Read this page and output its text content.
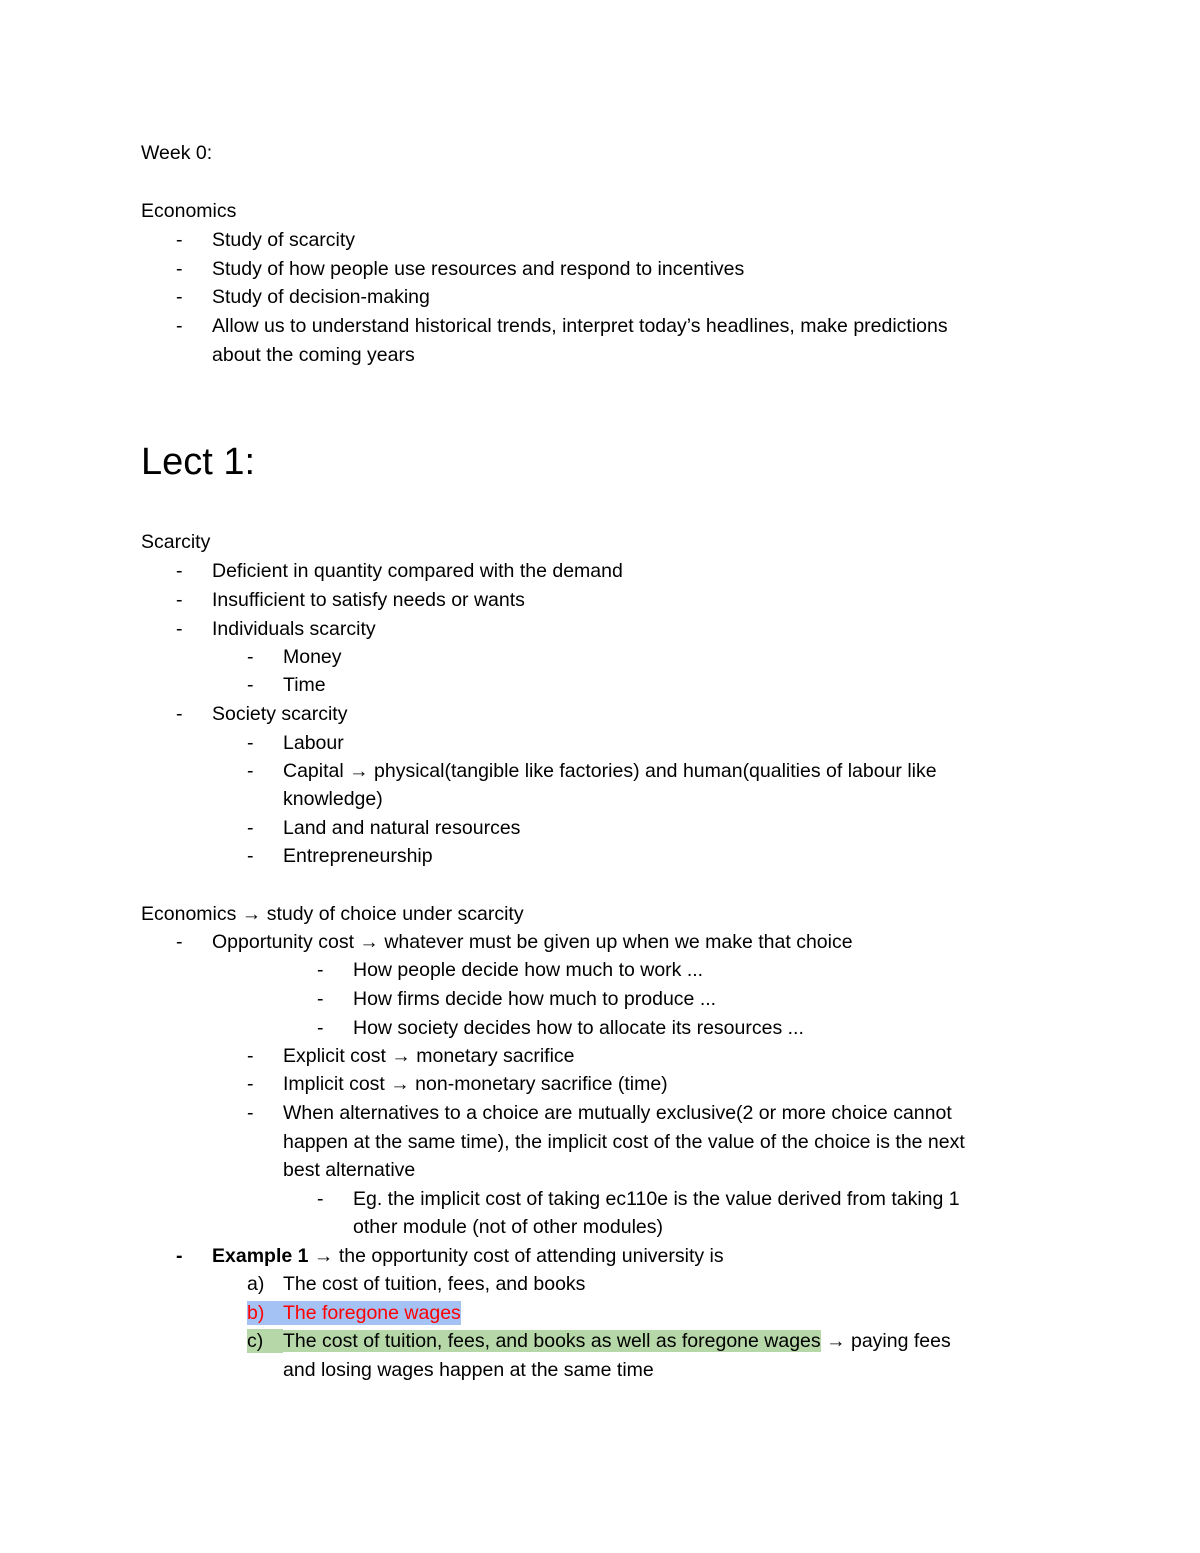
Week 0:
Economics
- Study of scarcity
- Study of how people use resources and respond to incentives
- Study of decision-making
- Allow us to understand historical trends, interpret today’s headlines, make predictions
about the coming years
Lect 1:
Scarcity
- Deficient in quantity compared with the demand
- Insufficient to satisfy needs or wants
- Individuals scarcity
- Money
- Time
- Society scarcity
- Labour
- Capital → physical(tangible like factories) and human(qualities of labour like
knowledge)
- Land and natural resources
- Entrepreneurship
Economics → study of choice under scarcity
- Opportunity cost → whatever must be given up when we make that choice
- How people decide how much to work ...
- How firms decide how much to produce ...
- How society decides how to allocate its resources ...
- Explicit cost → monetary sacrifice
- Implicit cost → non-monetary sacrifice (time)
- When alternatives to a choice are mutually exclusive(2 or more choice cannot
happen at the same time), the implicit cost of the value of the choice is the next
best alternative
- Eg. the implicit cost of taking ec110e is the value derived from taking 1
other module (not of other modules)
- Example 1 → the opportunity cost of attending university is
a) The cost of tuition, fees, and books
b) The foregone wages
c)	The cost of tuition, fees, and books as well as foregone wages → paying fees
and losing wages happen at the same time
